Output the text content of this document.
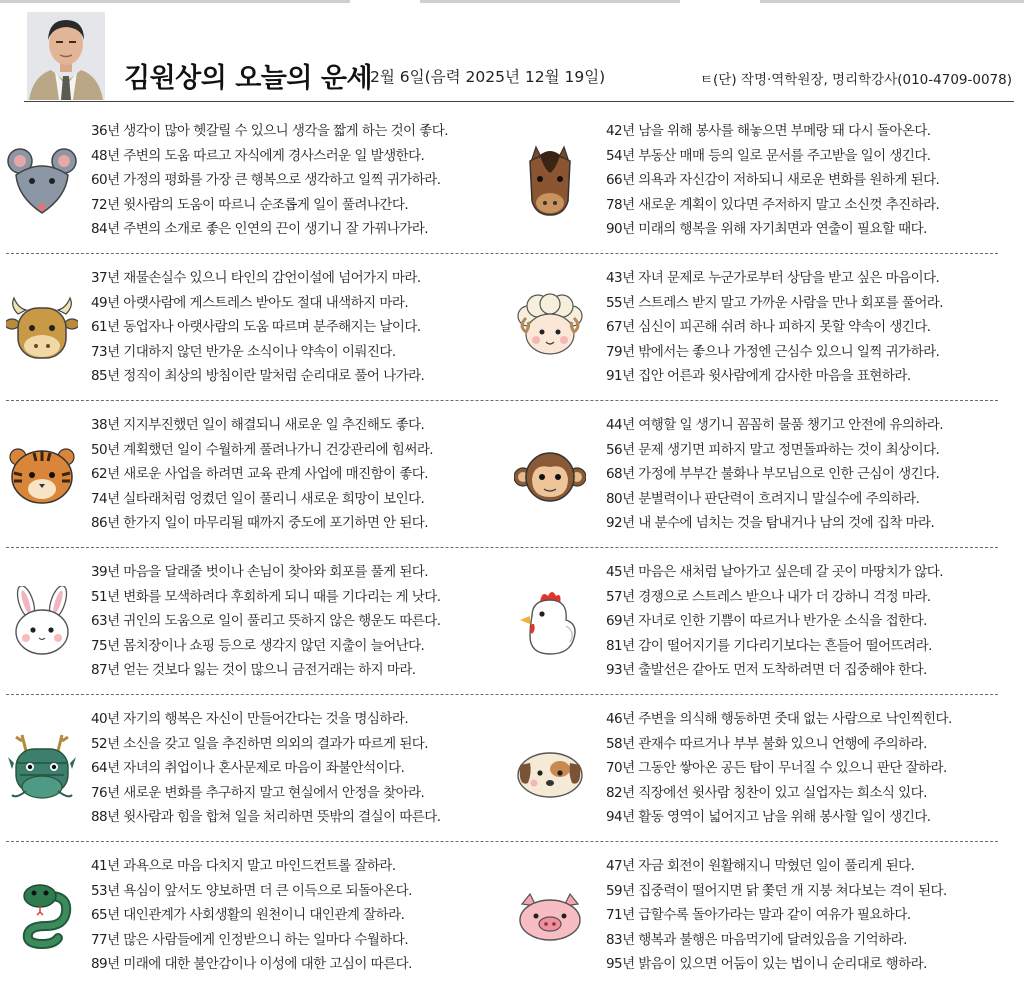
김원상의 오늘의 운세
2월 6일(음력 2025년 12월 19일)	ㅌ(단) 작명·역학원장, 명리학강사(010-4709-0078)
36년 생각이 많아 헷갈릴 수 있으니 생각을 짧게 하는 것이 좋다.
48년 주변의 도움 따르고 자식에게 경사스러운 일 발생한다.
60년 가정의 평화를 가장 큰 행복으로 생각하고 일찍 귀가하라.
72년 윗사람의 도움이 따르니 순조롭게 일이 풀려나간다.
84년 주변의 소개로 좋은 인연의 끈이 생기니 잘 가꿔나가라.
42년 남을 위해 봉사를 해놓으면 부메랑 돼 다시 돌아온다.
54년 부동산 매매 등의 일로 문서를 주고받을 일이 생긴다.
66년 의욕과 자신감이 저하되니 새로운 변화를 원하게 된다.
78년 새로운 계획이 있다면 주저하지 말고 소신껏 추진하라.
90년 미래의 행복을 위해 자기최면과 연출이 필요할 때다.
37년 재물손실수 있으니 타인의 감언이설에 넘어가지 마라.
49년 아랫사람에 게스트레스 받아도 절대 내색하지 마라.
61년 동업자나 아랫사람의 도움 따르며 분주해지는 날이다.
73년 기대하지 않던 반가운 소식이나 약속이 이뤄진다.
85년 정직이 최상의 방침이란 말처럼 순리대로 풀어 나가라.
43년 자녀 문제로 누군가로부터 상담을 받고 싶은 마음이다.
55년 스트레스 받지 말고 가까운 사람을 만나 회포를 풀어라.
67년 심신이 피곤해 쉬려 하나 피하지 못할 약속이 생긴다.
79년 밖에서는 좋으나 가정엔 근심수 있으니 일찍 귀가하라.
91년 집안 어른과 윗사람에게 감사한 마음을 표현하라.
38년 지지부진했던 일이 해결되니 새로운 일 추진해도 좋다.
50년 계획했던 일이 수월하게 풀려나가니 건강관리에 힘써라.
62년 새로운 사업을 하려면 교육 관계 사업에 매진함이 좋다.
74년 실타래처럼 엉켰던 일이 풀리니 새로운 희망이 보인다.
86년 한가지 일이 마무리될 때까지 중도에 포기하면 안 된다.
44년 여행할 일 생기니 꼼꼼히 물품 챙기고 안전에 유의하라.
56년 문제 생기면 피하지 말고 정면돌파하는 것이 최상이다.
68년 가정에 부부간 불화나 부모님으로 인한 근심이 생긴다.
80년 분별력이나 판단력이 흐려지니 말실수에 주의하라.
92년 내 분수에 넘치는 것을 탐내거나 남의 것에 집착 마라.
39년 마음을 달래줄 벗이나 손님이 찾아와 회포를 풀게 된다.
51년 변화를 모색하려다 후회하게 되니 때를 기다리는 게 낫다.
63년 귀인의 도움으로 일이 풀리고 뜻하지 않은 행운도 따른다.
75년 몸치장이나 쇼핑 등으로 생각지 않던 지출이 늘어난다.
87년 얻는 것보다 잃는 것이 많으니 금전거래는 하지 마라.
45년 마음은 새처럼 날아가고 싶은데 갈 곳이 마땅치가 않다.
57년 경쟁으로 스트레스 받으나 내가 더 강하니 걱정 마라.
69년 자녀로 인한 기쁨이 따르거나 반가운 소식을 접한다.
81년 감이 떨어지기를 기다리기보다는 흔들어 떨어뜨려라.
93년 출발선은 같아도 먼저 도착하려면 더 집중해야 한다.
40년 자기의 행복은 자신이 만들어간다는 것을 명심하라.
52년 소신을 갖고 일을 추진하면 의외의 결과가 따르게 된다.
64년 자녀의 취업이나 혼사문제로 마음이 좌불안석이다.
76년 새로운 변화를 추구하지 말고 현실에서 안정을 찾아라.
88년 윗사람과 힘을 합쳐 일을 처리하면 뜻밖의 결실이 따른다.
46년 주변을 의식해 행동하면 줏대 없는 사람으로 낙인찍힌다.
58년 관재수 따르거나 부부 불화 있으니 언행에 주의하라.
70년 그동안 쌓아온 공든 탑이 무너질 수 있으니 판단 잘하라.
82년 직장에선 윗사람 칭찬이 있고 실업자는 희소식 있다.
94년 활동 영역이 넓어지고 남을 위해 봉사할 일이 생긴다.
41년 과욕으로 마음 다치지 말고 마인드컨트롤 잘하라.
53년 욕심이 앞서도 양보하면 더 큰 이득으로 되돌아온다.
65년 대인관계가 사회생활의 원천이니 대인관계 잘하라.
77년 많은 사람들에게 인정받으니 하는 일마다 수월하다.
89년 미래에 대한 불안감이나 이성에 대한 고심이 따른다.
47년 자금 회전이 원활해지니 막혔던 일이 풀리게 된다.
59년 집중력이 떨어지면 닭 쫓던 개 지붕 쳐다보는 격이 된다.
71년 급할수록 돌아가라는 말과 같이 여유가 필요하다.
83년 행복과 불행은 마음먹기에 달려있음을 기억하라.
95년 밝음이 있으면 어둠이 있는 법이니 순리대로 행하라.
